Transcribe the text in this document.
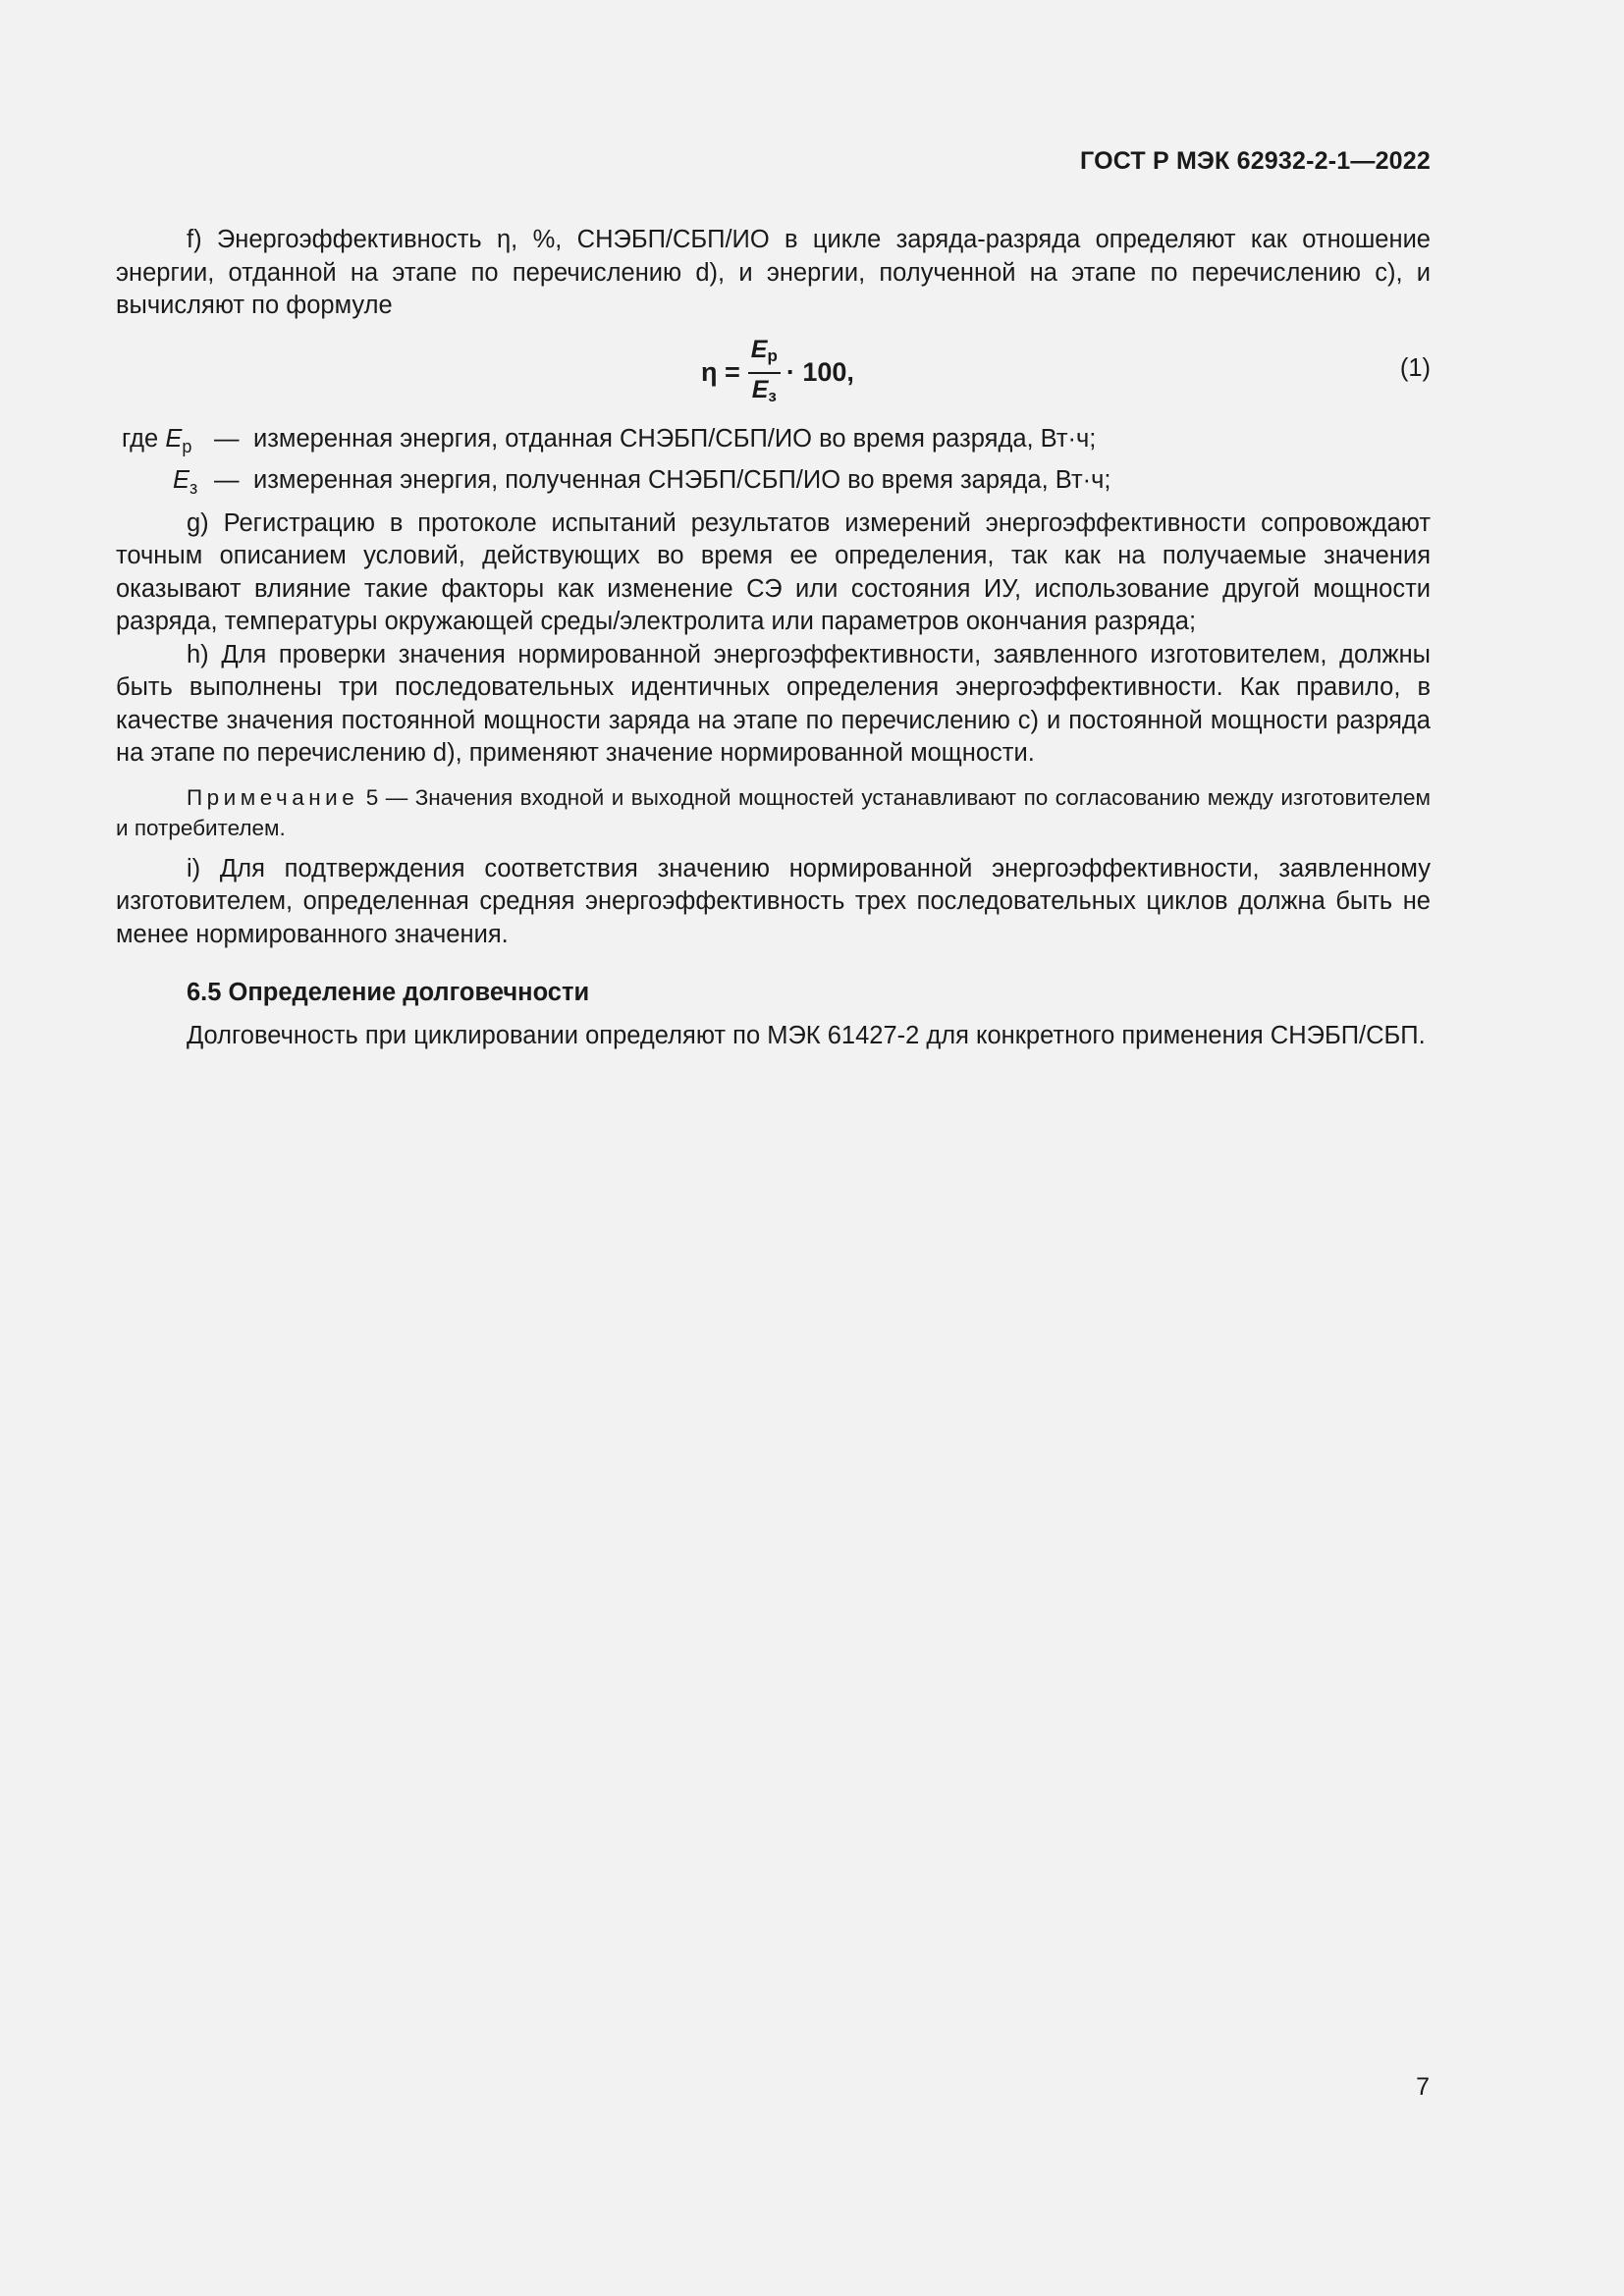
ГОСТ Р МЭК 62932-2-1—2022

f) Энергоэффективность η, %, СНЭБП/СБП/ИО в цикле заряда-разряда определяют как отношение энергии, отданной на этапе по перечислению d), и энергии, полученной на этапе по перечислению c), и вычисляют по формуле

$\eta = \frac{E_р}{E_з} \cdot 100$,	(1)
где $E_р$ — измеренная энергия, отданная СНЭБП/СБП/ИО во время разряда, Вт·ч;
$E_з$ — измеренная энергия, полученная СНЭБП/СБП/ИО во время заряда, Вт·ч;

g) Регистрацию в протоколе испытаний результатов измерений энергоэффективности сопровождают точным описанием условий, действующих во время ее определения, так как на получаемые значения оказывают влияние такие факторы как изменение СЭ или состояния ИУ, использование другой мощности разряда, температуры окружающей среды/электролита или параметров окончания разряда;

h) Для проверки значения нормированной энергоэффективности, заявленного изготовителем, должны быть выполнены три последовательных идентичных определения энергоэффективности. Как правило, в качестве значения постоянной мощности заряда на этапе по перечислению c) и постоянной мощности разряда на этапе по перечислению d), применяют значение нормированной мощности.

Примечание 5 — Значения входной и выходной мощностей устанавливают по согласованию между изготовителем и потребителем.

i) Для подтверждения соответствия значению нормированной энергоэффективности, заявленному изготовителем, определенная средняя энергоэффективность трех последовательных циклов должна быть не менее нормированного значения.

6.5 Определение долговечности

Долговечность при циклировании определяют по МЭК 61427-2 для конкретного применения СНЭБП/СБП.

7
